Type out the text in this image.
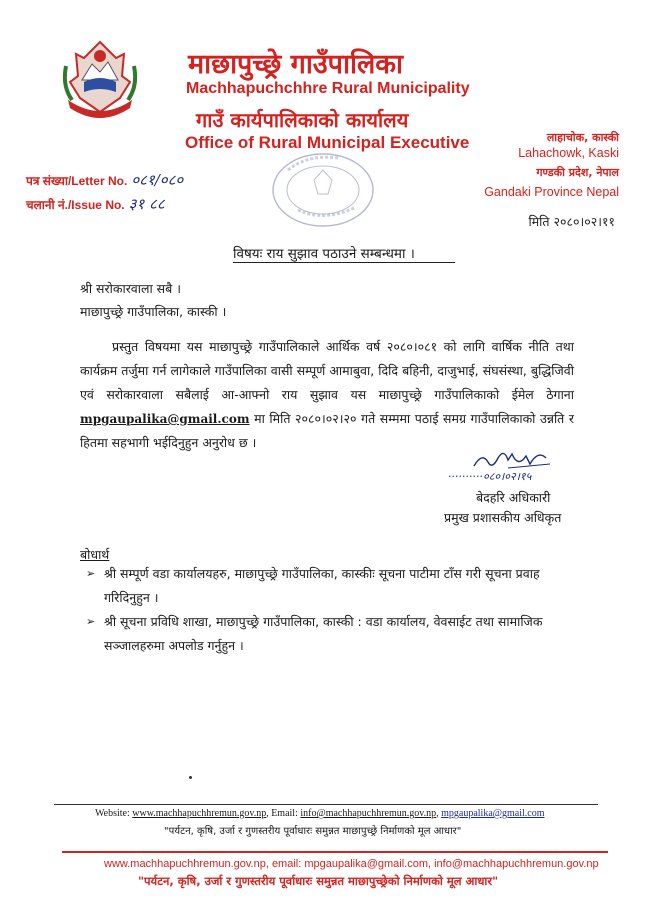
माछापुच्छ्रे गाउँपालिका
Machhapuchchhre Rural Municipality
गाउँ कार्यपालिकाको कार्यालय
Office of Rural Municipal Executive	लाहाचोक, कास्की
Lahachowk, Kaski
गण्डकी प्रदेश, नेपाल
Gandaki Province Nepal
मिति २०८०।०२।११
पत्र संख्या/Letter No. ०८१/०८०
चलानी नं./Issue No. ३१ ८८
विषयः राय सुझाव पठाउने सम्बन्धमा ।
श्री सरोकारवाला सबै ।
माछापुच्छ्रे गाउँपालिका, कास्की ।
प्रस्तुत विषयमा यस माछापुच्छ्रे गाउँपालिकाले आर्थिक वर्ष २०८०।०८१ को लागि वार्षिक नीति तथा कार्यक्रम तर्जुमा गर्न लागेकाले गाउँपालिका वासी सम्पूर्ण आमाबुवा, दिदि बहिनी, दाजुभाई, संघसंस्था, बुद्धिजिवी एवं सरोकारवाला सबैलाई आ-आफ्नो राय सुझाव यस माछापुच्छ्रे गाउँपालिकाको ईमेल ठेगाना mpgaupalika@gmail.com मा मिति २०८०।०२।२० गते सम्ममा पठाई समग्र गाउँपालिकाको उन्नति र हितमा सहभागी भईदिनुहुन अनुरोध छ ।
··········०८०।०२।१५
बेदहरि अधिकारी
प्रमुख प्रशासकीय अधिकृत
बोधार्थ
➢ श्री सम्पूर्ण वडा कार्यालयहरु, माछापुच्छ्रे गाउँपालिका, कास्कीः सूचना पाटीमा टाँस गरी सूचना प्रवाह गरिदिनुहुन ।
➢ श्री सूचना प्रविधि शाखा, माछापुच्छ्रे गाउँपालिका, कास्की : वडा कार्यालय, वेवसाईट तथा सामाजिक सञ्जालहरुमा अपलोड गर्नुहुन ।
Website: www.machhapuchhremun.gov.np, Email: info@machhapuchhremun.gov.np, mpgaupalika@gmail.com
"पर्यटन, कृषि, उर्जा र गुणस्तरीय पूर्वाधारः समुन्नत माछापुच्छ्रे निर्माणको मूल आधार"
www.machhapuchhremun.gov.np, email: mpgaupalika@gmail.com, info@machhapuchhremun.gov.np
"पर्यटन, कृषि, उर्जा र गुणस्तरीय पूर्वाधारः समुन्नत माछापुच्छ्रेको निर्माणको मूल आधार"
